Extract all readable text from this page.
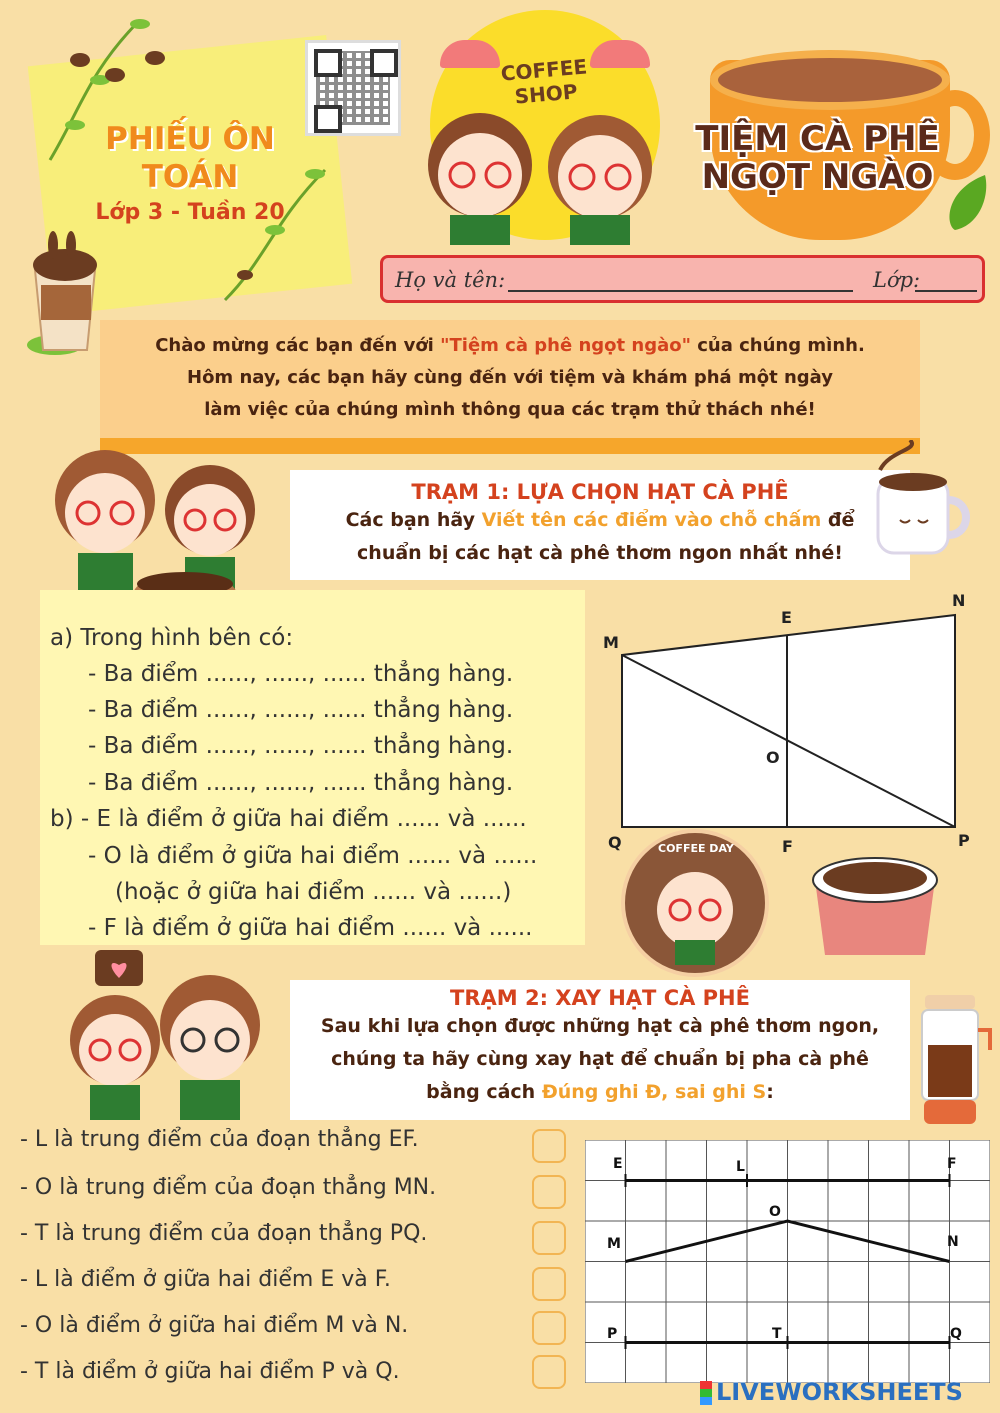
PHIẾU ÔN TOÁN
Lớp 3 - Tuần 20
COFFEE SHOP
TIỆM CÀ PHÊ NGỌT NGÀO
Họ và tên:	Lớp:

Chào mừng các bạn đến với "Tiệm cà phê ngọt ngào" của chúng mình.

Hôm nay, các bạn hãy cùng đến với tiệm và khám phá một ngày

làm việc của chúng mình thông qua các trạm thử thách nhé!

TRẠM 1: LỰA CHỌN HẠT CÀ PHÊ
Các bạn hãy Viết tên các điểm vào chỗ chấm để
chuẩn bị các hạt cà phê thơm ngon nhất nhé!
a) Trong hình bên có:
- Ba điểm ......, ......, ...... thẳng hàng.
- Ba điểm ......, ......, ...... thẳng hàng.
- Ba điểm ......, ......, ...... thẳng hàng.
- Ba điểm ......, ......, ...... thẳng hàng.
b) - E là điểm ở giữa hai điểm ...... và ......
- O là điểm ở giữa hai điểm ...... và ......
(hoặc ở giữa hai điểm ...... và ......)
- F là điểm ở giữa hai điểm ...... và ......
M
E
N
O
Q	F	P
COFFEE DAY
TRẠM 2: XAY HẠT CÀ PHÊ
Sau khi lựa chọn được những hạt cà phê thơm ngon,
chúng ta hãy cùng xay hạt để chuẩn bị pha cà phê
bằng cách Đúng ghi Đ, sai ghi S:
- L là trung điểm của đoạn thẳng EF.
- O là trung điểm của đoạn thẳng MN.
- T là trung điểm của đoạn thẳng PQ.
- L là điểm ở giữa hai điểm E và F.
- O là điểm ở giữa hai điểm M và N.
- T là điểm ở giữa hai điểm P và Q.
E	L	F
O
M	N
P	T	Q
LIVEWORKSHEETS
